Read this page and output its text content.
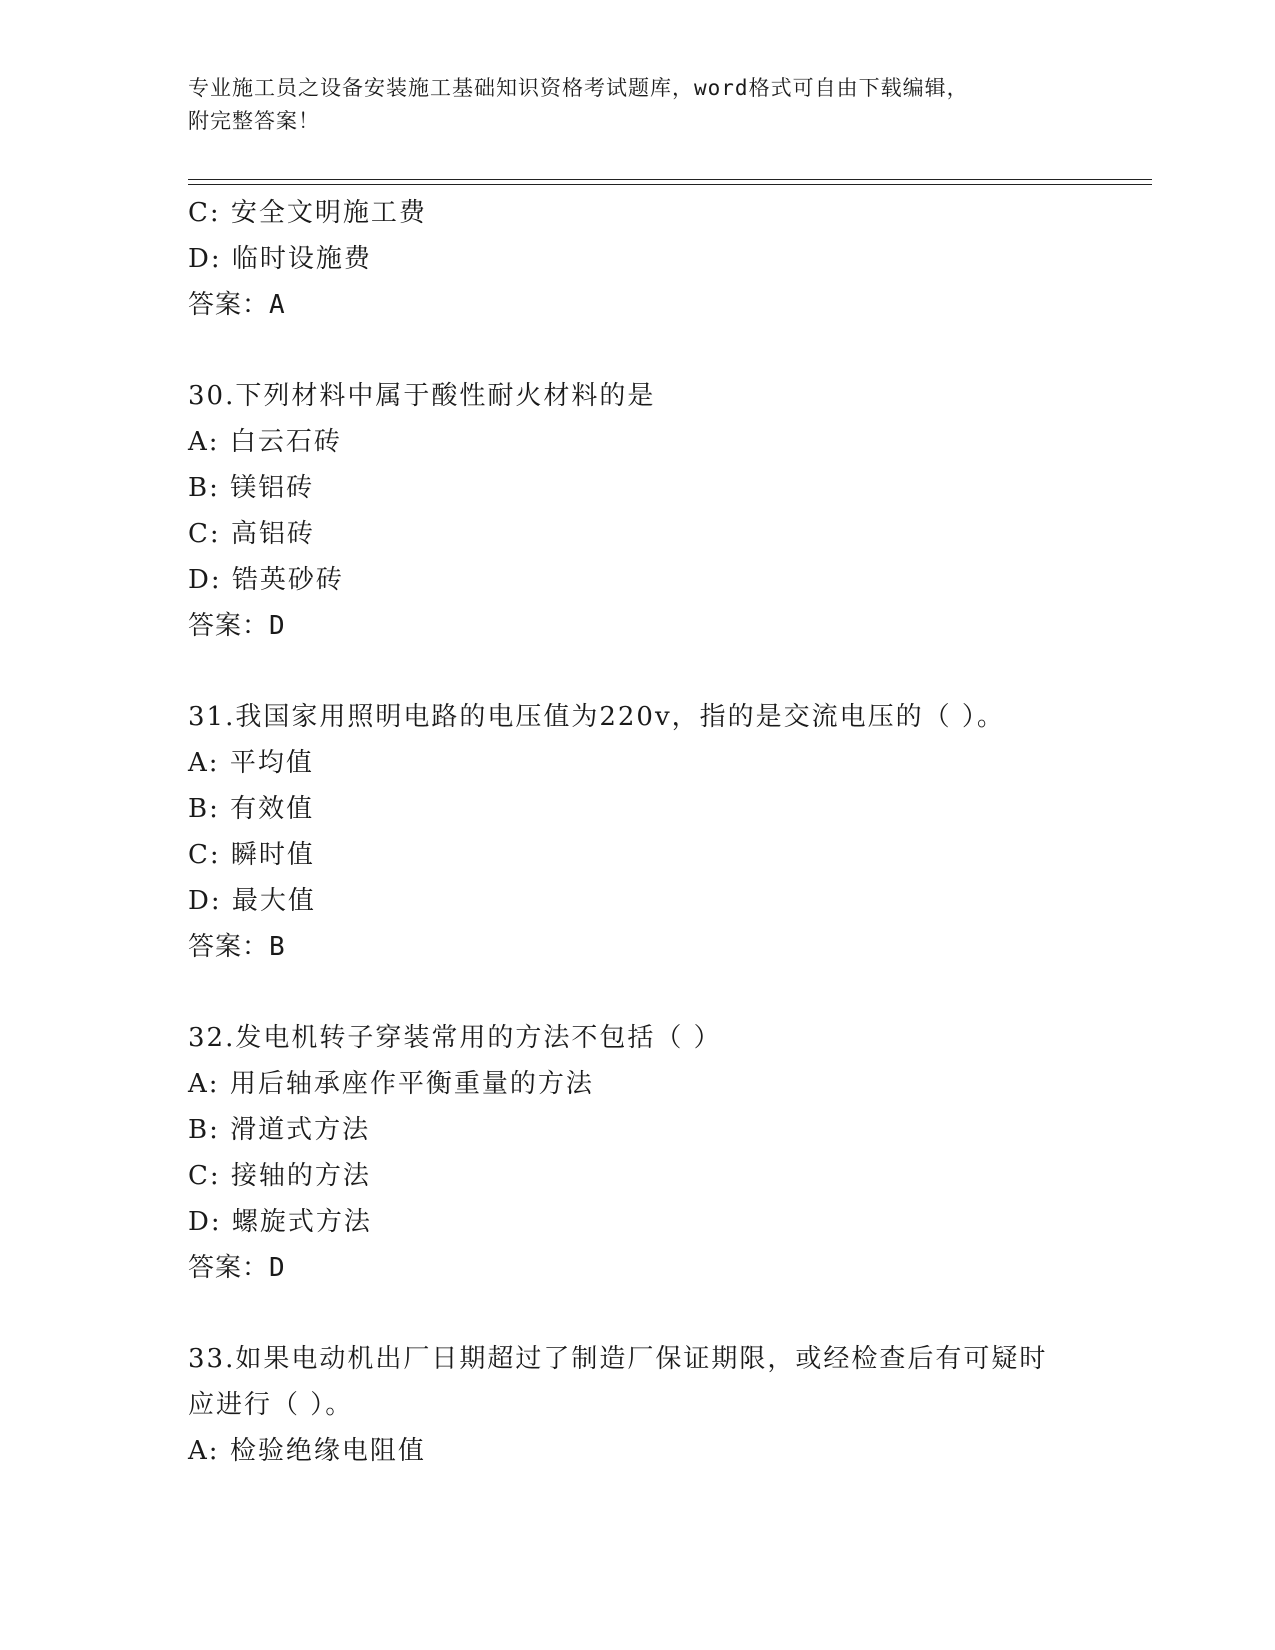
专业施工员之设备安装施工基础知识资格考试题库，word格式可自由下载编辑，
附完整答案！
C: 安全文明施工费
D: 临时设施费
答案：A
30.下列材料中属于酸性耐火材料的是
A: 白云石砖
B: 镁铝砖
C: 高铝砖
D: 锆英砂砖
答案：D
31.我国家用照明电路的电压值为220v，指的是交流电压的（ ）。
A: 平均值
B: 有效值
C: 瞬时值
D: 最大值
答案：B
32.发电机转子穿装常用的方法不包括（ ）
A: 用后轴承座作平衡重量的方法
B: 滑道式方法
C: 接轴的方法
D: 螺旋式方法
答案：D
33.如果电动机出厂日期超过了制造厂保证期限，或经检查后有可疑时
应进行（ ）。
A: 检验绝缘电阻值
